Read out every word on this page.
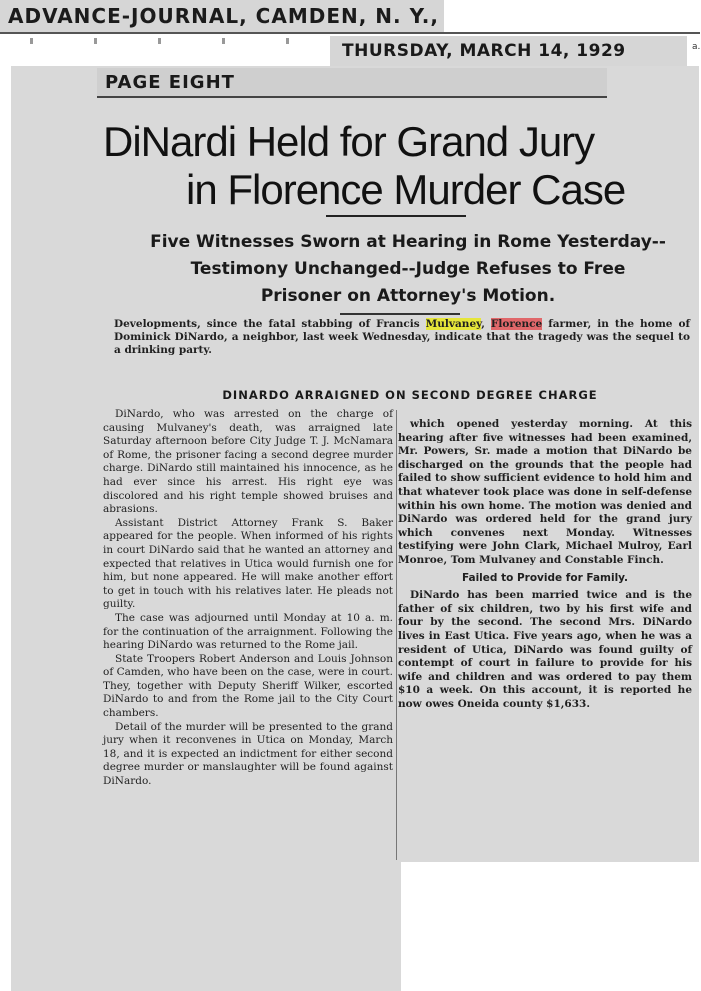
ADVANCE-JOURNAL, CAMDEN, N. Y.,
THURSDAY, MARCH 14, 1929	a.
PAGE EIGHT
DiNardi Held for Grand Jury
in Florence Murder Case
Five Witnesses Sworn at Hearing in Rome Yesterday--
Testimony Unchanged--Judge Refuses to Free
Prisoner on Attorney's Motion.
Developments, since the fatal stabbing of Francis Mulvaney, Florence farmer, in the home of Dominick DiNardo, a neighbor, last week Wednesday, indicate that the tragedy was the sequel to a drinking party.
DINARDO ARRAIGNED ON SECOND DEGREE CHARGE

DiNardo, who was arrested on the charge of causing Mulvaney's death, was arraigned late Saturday afternoon before City Judge T. J. McNamara of Rome, the prisoner facing a second degree murder charge. DiNardo still maintained his innocence, as he had ever since his arrest. His right eye was discolored and his right temple showed bruises and abrasions.

Assistant District Attorney Frank S. Baker appeared for the people. When informed of his rights in court DiNardo said that he wanted an attorney and expected that relatives in Utica would furnish one for him, but none appeared. He will make another effort to get in touch with his relatives later. He pleads not guilty.

The case was adjourned until Monday at 10 a. m. for the continuation of the arraignment. Following the hearing DiNardo was returned to the Rome jail.

State Troopers Robert Anderson and Louis Johnson of Camden, who have been on the case, were in court. They, together with Deputy Sheriff Wilker, escorted DiNardo to and from the Rome jail to the City Court chambers.

Detail of the murder will be presented to the grand jury when it reconvenes in Utica on Monday, March 18, and it is expected an indictment for either second degree murder or manslaughter will be found against DiNardo.

which opened yesterday morning. At this hearing after five witnesses had been examined, Mr. Powers, Sr. made a motion that DiNardo be discharged on the grounds that the people had failed to show sufficient evidence to hold him and that whatever took place was done in self-defense within his own home. The motion was denied and DiNardo was ordered held for the grand jury which convenes next Monday. Witnesses testifying were John Clark, Michael Mulroy, Earl Monroe, Tom Mulvaney and Constable Finch.

Failed to Provide for Family.

DiNardo has been married twice and is the father of six children, two by his first wife and four by the second. The second Mrs. DiNardo lives in East Utica. Five years ago, when he was a resident of Utica, DiNardo was found guilty of contempt of court in failure to provide for his wife and children and was ordered to pay them $10 a week. On this account, it is reported he now owes Oneida county $1,633.
